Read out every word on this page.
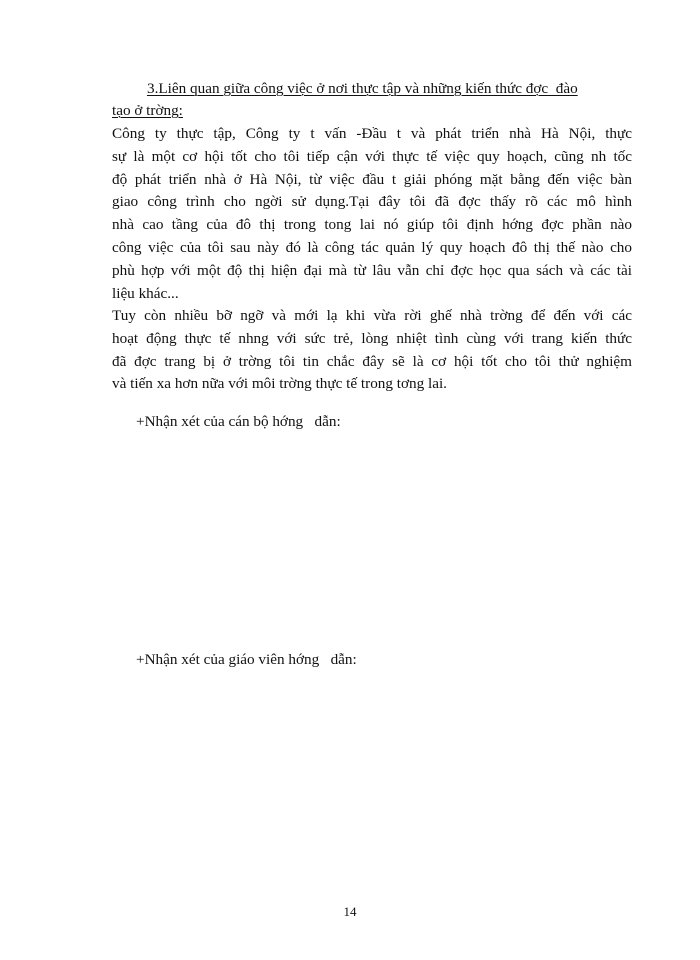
3.Liên quan giữa công việc ở nơi thực tập và những kiến thức đợc  đào
tạo ở trờng:
Công ty thực tập, Công ty t vấn -Đầu t và phát triển nhà Hà Nội, thực
sự là một cơ hội tốt cho tôi tiếp cận với thực tế việc quy hoạch, cũng nh tốc
độ phát triển nhà ở Hà Nội, từ việc đầu t giải phóng mặt bằng đến việc bàn
giao công trình cho ngời sử dụng.Tại đây tôi đã đợc thấy rõ các mô hình
nhà cao tầng của đô thị trong tong lai nó giúp tôi định hớng đợc phần nào
công việc của tôi sau này đó là công tác quản lý quy hoạch đô thị thế nào cho
phù hợp với một độ thị hiện đại mà từ lâu vẫn chỉ đợc học qua sách và các tài
liệu khác...
Tuy còn nhiều bỡ ngỡ và mới lạ khi vừa rời ghế nhà trờng để đến với các
hoạt động thực tế nhng với sức trẻ, lòng nhiệt tình cùng với trang kiến thức
đã đợc trang bị ở trờng tôi tin chắc đây sẽ là cơ hội tốt cho tôi thử nghiệm
và tiến xa hơn nữa với môi trờng thực tế trong tơng lai.
+Nhận xét của cán bộ hớng   dẫn:
+Nhận xét của giáo viên hớng   dẫn:
14
